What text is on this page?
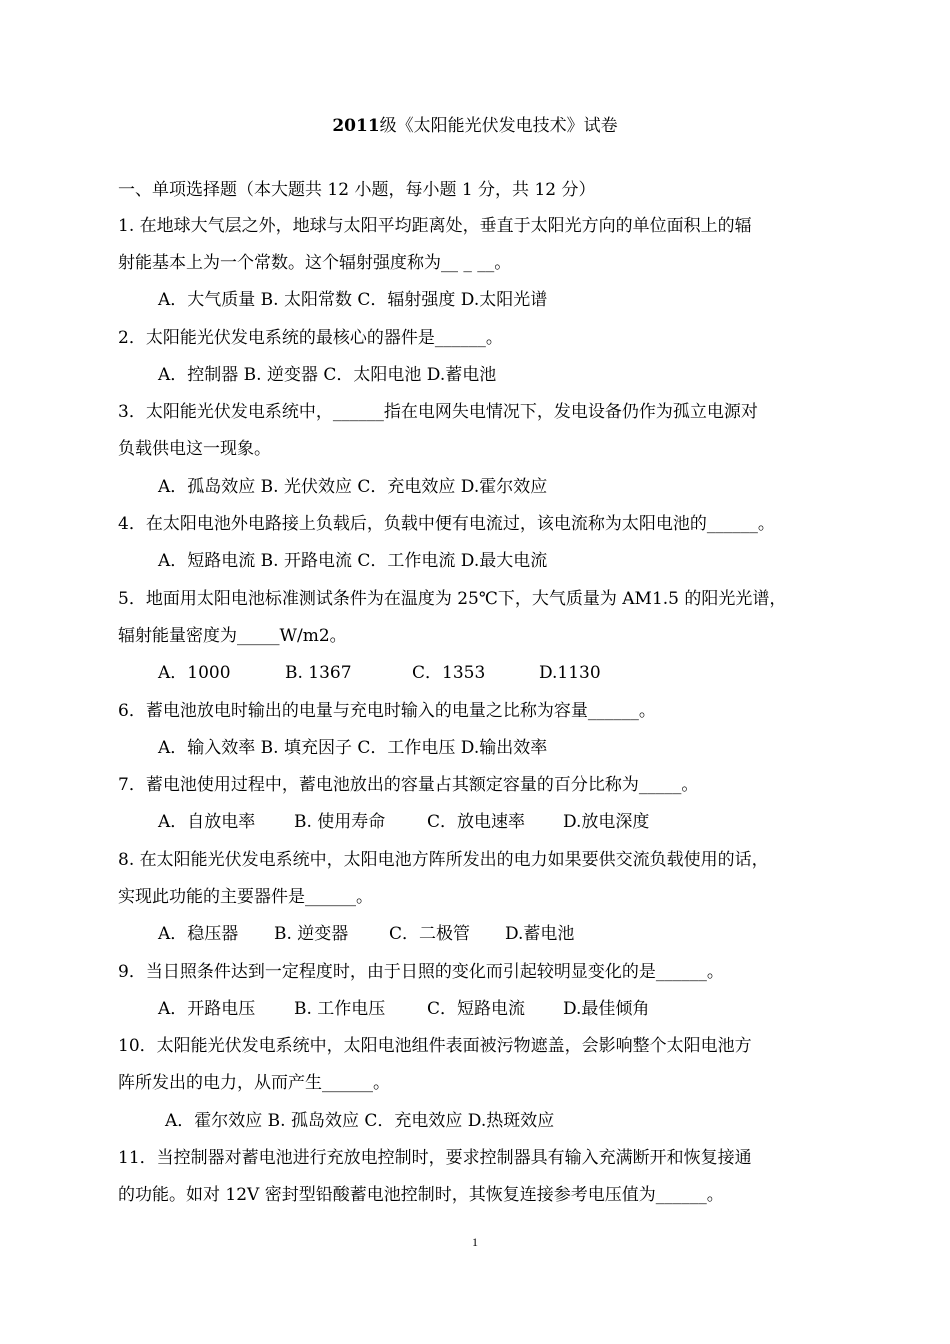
2011级《太阳能光伏发电技术》试卷
一、单项选择题（本大题共 12 小题，每小题 1 分，共 12 分）
1. 在地球大气层之外，地球与太阳平均距离处，垂直于太阳光方向的单位面积上的辐
射能基本上为一个常数。这个辐射强度称为__ _ __。
A．大气质量 B. 太阳常数 C．辐射强度 D.太阳光谱
2．太阳能光伏发电系统的最核心的器件是______。
A．控制器 B. 逆变器 C．太阳电池 D.蓄电池
3．太阳能光伏发电系统中，______指在电网失电情况下，发电设备仍作为孤立电源对
负载供电这一现象。
A．孤岛效应 B. 光伏效应 C．充电效应 D.霍尔效应
4．在太阳电池外电路接上负载后，负载中便有电流过，该电流称为太阳电池的______。
A．短路电流 B. 开路电流 C．工作电流 D.最大电流
5．地面用太阳电池标准测试条件为在温度为 25℃下，大气质量为 AM1.5 的阳光光谱，
辐射能量密度为_____W/m2。
A．1000	B. 1367	C．1353	D.1130
6．蓄电池放电时输出的电量与充电时输入的电量之比称为容量______。
A．输入效率 B. 填充因子 C．工作电压 D.输出效率
7．蓄电池使用过程中，蓄电池放出的容量占其额定容量的百分比称为_____。
A．自放电率 B. 使用寿命 C．放电速率 D.放电深度
8. 在太阳能光伏发电系统中，太阳电池方阵所发出的电力如果要供交流负载使用的话，
实现此功能的主要器件是______。
A．稳压器 B. 逆变器 C．二极管 D.蓄电池
9．当日照条件达到一定程度时，由于日照的变化而引起较明显变化的是______。
A．开路电压 B. 工作电压 C．短路电流 D.最佳倾角
10．太阳能光伏发电系统中，太阳电池组件表面被污物遮盖，会影响整个太阳电池方
阵所发出的电力，从而产生______。
A．霍尔效应 B. 孤岛效应 C．充电效应 D.热斑效应
11．当控制器对蓄电池进行充放电控制时，要求控制器具有输入充满断开和恢复接通
的功能。如对 12V 密封型铅酸蓄电池控制时，其恢复连接参考电压值为______。
1
